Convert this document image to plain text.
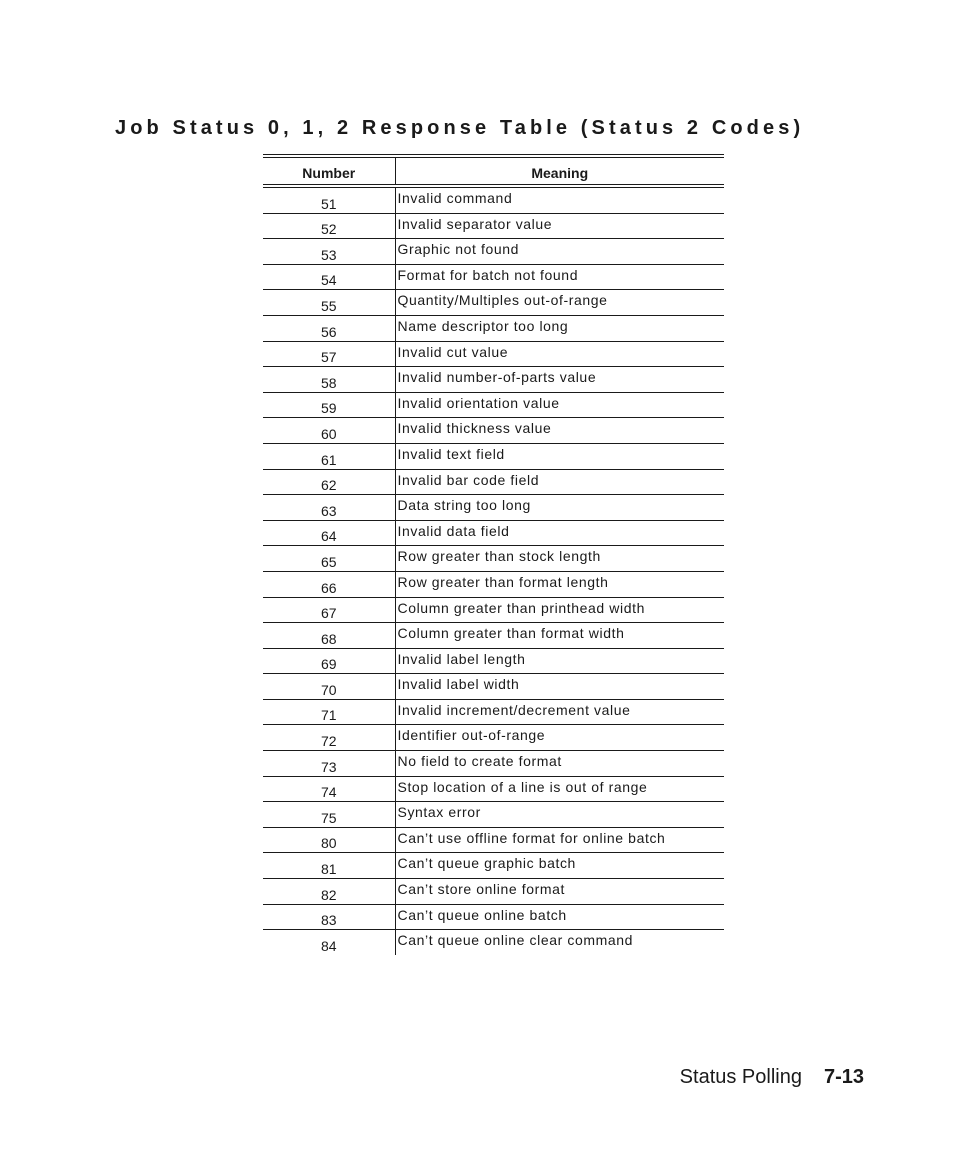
Job Status 0, 1, 2 Response Table (Status 2 Codes)
Number	Meaning
51	Invalid command
52	Invalid separator value
53	Graphic not found
54	Format for batch not found
55	Quantity/Multiples out-of-range
56	Name descriptor too long
57	Invalid cut value
58	Invalid number-of-parts value
59	Invalid orientation value
60	Invalid thickness value
61	Invalid text field
62	Invalid bar code field
63	Data string too long
64	Invalid data field
65	Row greater than stock length
66	Row greater than format length
67	Column greater than printhead width
68	Column greater than format width
69	Invalid label length
70	Invalid label width
71	Invalid increment/decrement value
72	Identifier out-of-range
73	No field to create format
74	Stop location of a line is out of range
75	Syntax error
80	Can’t use offline format for online batch
81	Can’t queue graphic batch
82	Can’t store online format
83	Can’t queue online batch
84	Can’t queue online clear command
Status Polling 7-13
